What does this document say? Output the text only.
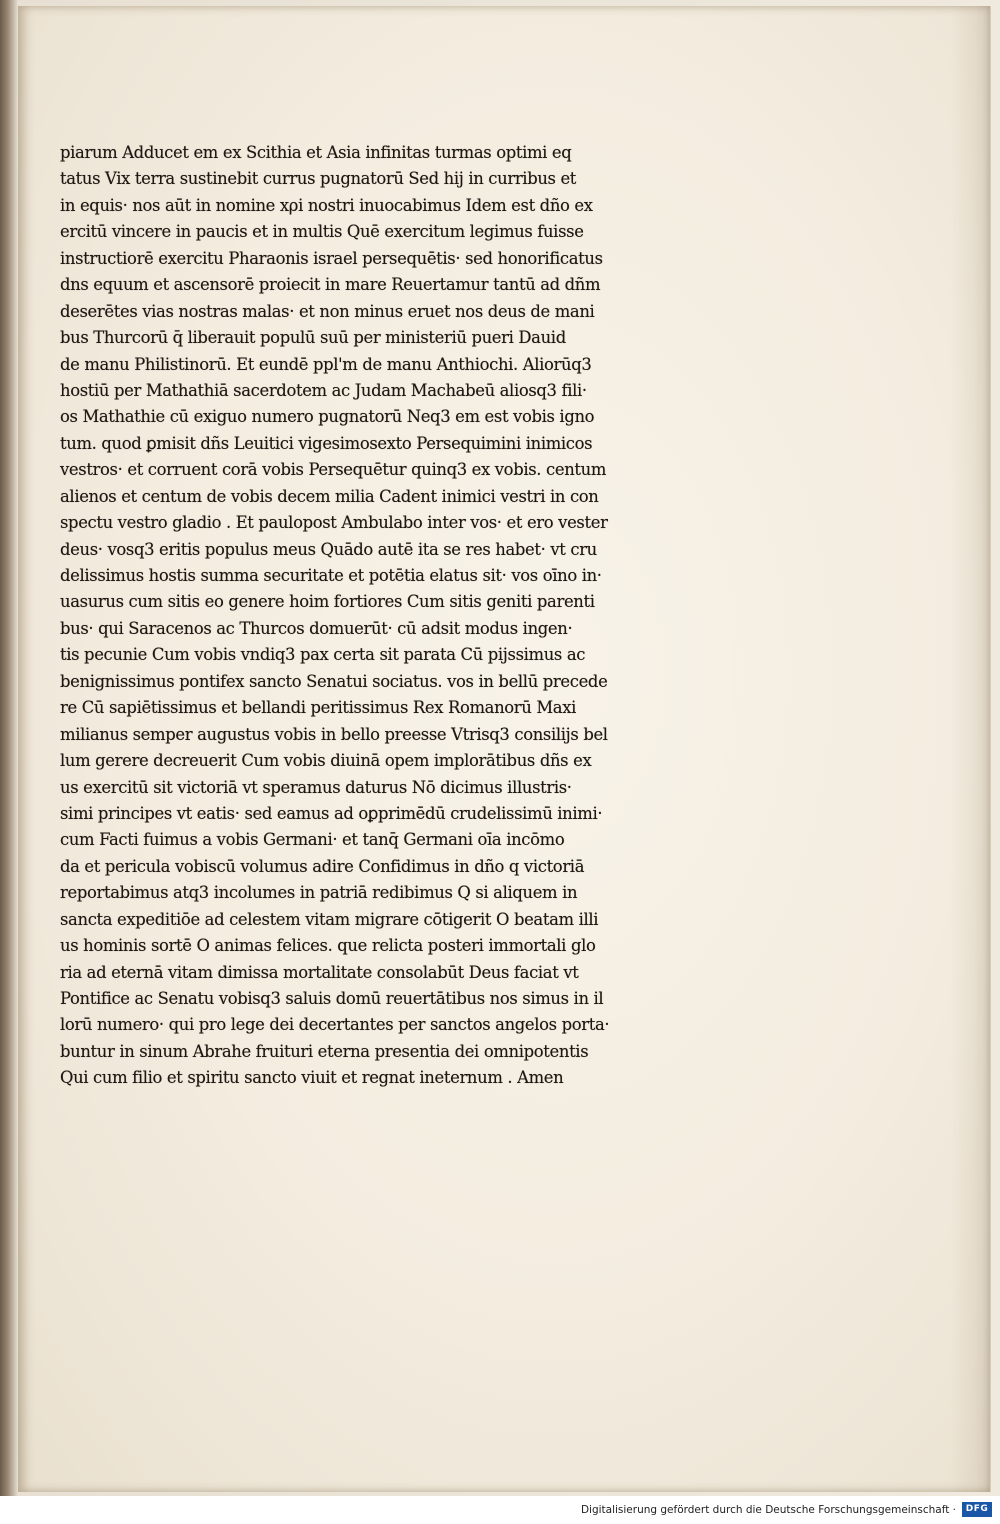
piarum Adducet em ex Scithia et Asia infinitas turmas optimi eq
tatus Vix terra sustinebit currus pugnatorū Sed hij in curribus et
in equis· nos aūt in nomine xρi nostri inuocabimus Idem est dño ex
ercitū vincere in paucis et in multis Quē exercitum legimus fuisse
instructiorē exercitu Pharaonis israel persequētis· sed honorificatus
dns equum et ascensorē proiecit in mare Reuertamur tantū ad dñm
deserētes vias nostras malas· et non minus eruet nos deus de mani
bus Thurcorū q̄ liberauit populū suū per ministeriū pueri Dauid
de manu Philistinorū. Et eundē ppl'm de manu Anthiochi. Aliorūq3
hostiū per Mathathiā sacerdotem ac Judam Machabeū aliosq3 fili·
os Mathathie cū exiguo numero pugnatorū Neq3 em est vobis igno
tum. quod ꝑmisit dñs Leuitici vigesimosexto Persequimini inimicos
vestros· et corruent corā vobis Persequētur quinq3 ex vobis. centum
alienos et centum de vobis decem milia Cadent inimici vestri in con
spectu vestro gladio . Et paulopost Ambulabo inter vos· et ero vester
deus· vosq3 eritis populus meus Quādo autē ita se res habet· vt cru
delissimus hostis summa securitate et potētia elatus sit· vos oīno in·
uasurus cum sitis eo genere hoim fortiores Cum sitis geniti parenti
bus· qui Saracenos ac Thurcos domuerūt· cū adsit modus ingen·
tis pecunie Cum vobis vndiq3 pax certa sit parata Cū pijssimus ac
benignissimus pontifex sancto Senatui sociatus. vos in bellū precede
re Cū sapiētissimus et bellandi peritissimus Rex Romanorū Maxi
milianus semper augustus vobis in bello preesse Vtrisq3 consilijs bel
lum gerere decreuerit Cum vobis diuinā opem implorātibus dñs ex
us exercitū sit victoriā vt speramus daturus Nō dicimus illustris·
simi principes vt eatis· sed eamus ad oꝑprimēdū crudelissimū inimi·
cum Facti fuimus a vobis Germani· et tanq̄ Germani oīa incōmo
da et pericula vobiscū volumus adire Confidimus in dño q victoriā
reportabimus atq3 incolumes in patriā redibimus Q si aliquem in
sancta expeditiōe ad celestem vitam migrare cōtigerit O beatam illi
us hominis sortē O animas felices. que relicta posteri immortali glo
ria ad eternā vitam dimissa mortalitate consolabūt Deus faciat vt
Pontifice ac Senatu vobisq3 saluis domū reuertātibus nos simus in il
lorū numero· qui pro lege dei decertantes per sanctos angelos porta·
buntur in sinum Abrahe fruituri eterna presentia dei omnipotentis
Qui cum filio et spiritu sancto viuit et regnat ineternum . Amen
Digitalisierung gefördert durch die Deutsche Forschungsgemeinschaft ·	DFG
